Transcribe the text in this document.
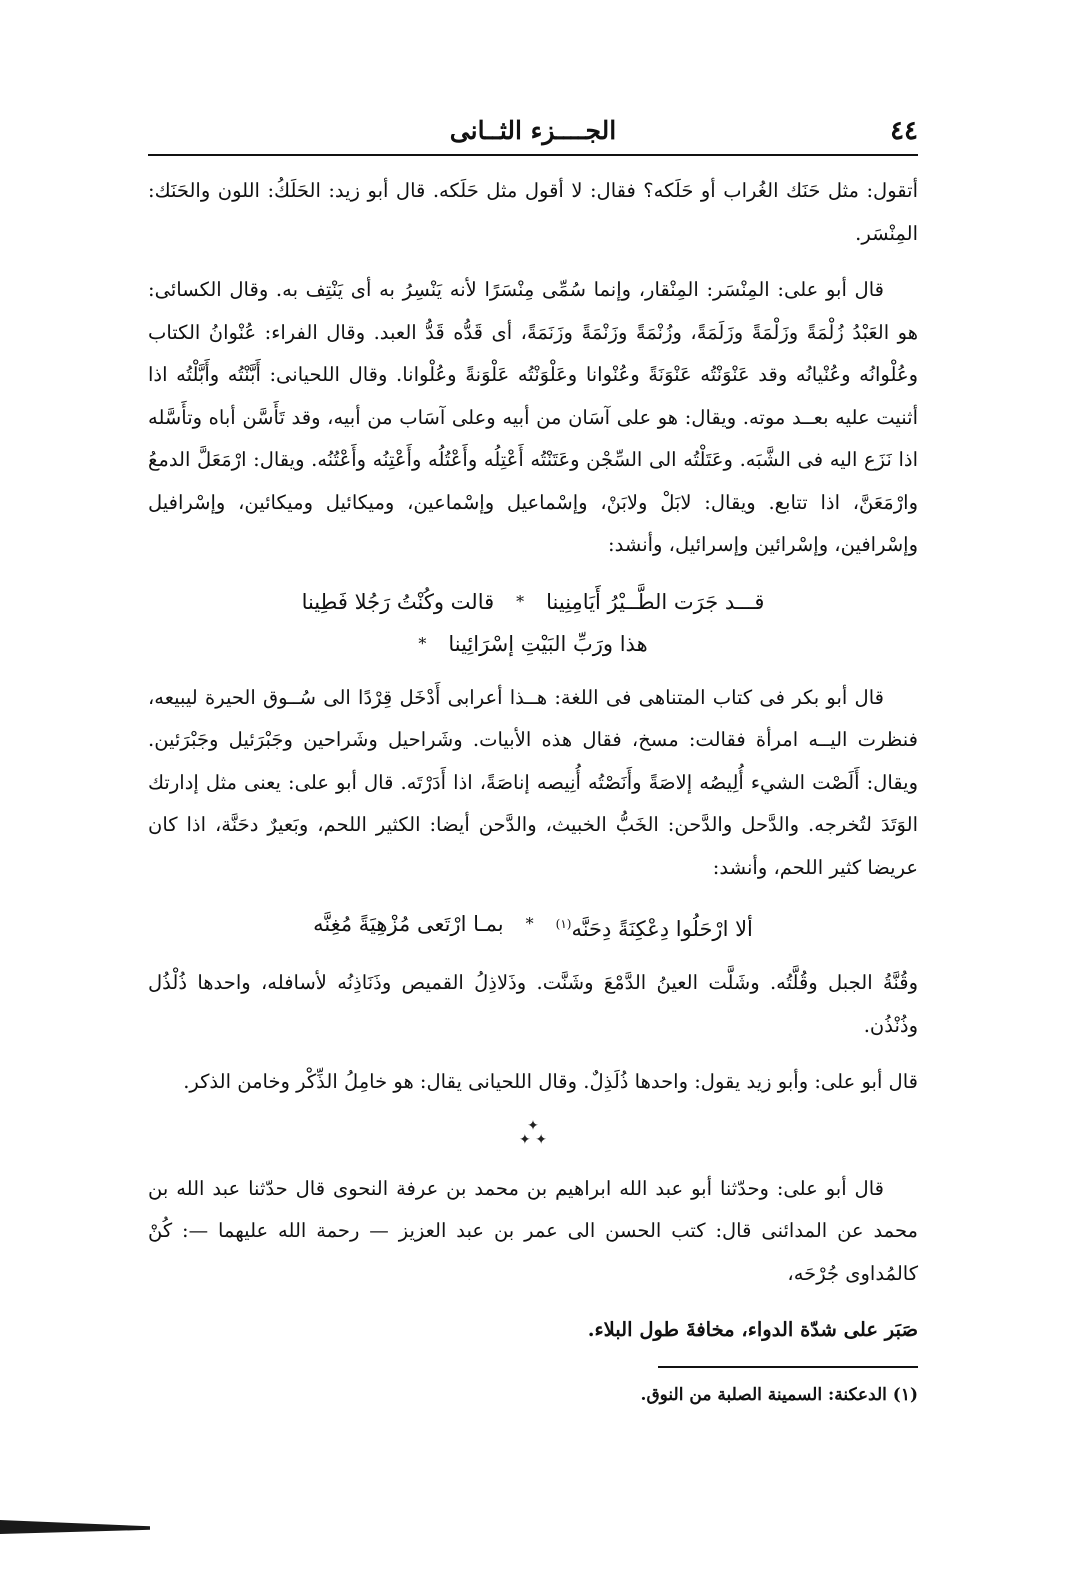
٤٤
الجــــزء الثــانى

أتقول: مثل حَنَك الغُراب أو حَلَكه؟ فقال: لا أقول مثل حَلَكه. قال أبو زيد: الحَلَكُ: اللون والحَنَك: المِنْسَر.

قال أبو على: المِنْسَر: المِنْقار، وإنما سُمِّى مِنْسَرًا لأنه يَنْسِرُ به أى يَنْتِف به. وقال الكسائى: هو العَبْدُ زُلْمَةً وزَلْمَةً وزَلَمَةً، وزُنْمَةً وزَنْمَةً وزَنَمَةً، أى قَدُّه قَدُّ العبد. وقال الفراء: عُنْوانُ الكتاب وعُلْوانُه وعُنْيانُه وقد عَنْوَنْتُه عَنْوَنَةً وعُنْوانا وعَلْوَنْتُه عَلْوَنةً وعُلْوانا. وقال اللحيانى: أَبَّنْتُه وأَبَّلْتُه اذا أثنيت عليه بعــد موته. ويقال: هو على آسَان من أبيه وعلى آسَاب من أبيه، وقد تَأَسَّن أباه وتأَسَّله اذا نَزَع اليه فى الشَّبَه. وعَتَلْتُه الى السِّجْن وعَتَنْتُه أَعْتِلُه وأَعْتُلُه وأَعْتِنُه وأَعْتُنُه. ويقال: ارْمَعَلَّ الدمعُ وارْمَعَنَّ، اذا تتابع. ويقال: لابَلْ ولابَنْ، وإسْماعيل وإسْماعين، وميكائيل وميكائين، وإسْرافيل وإسْرافين، وإسْرائين وإسرائيل، وأنشد:

قـــد جَرَت الطَّــيْرُ أَيَامِنِينا
*
قالت وكُنْتُ رَجُلا فَطِينا
هذا ورَبِّ البَيْتِ إسْرَائِينا
*

قال أبو بكر فى كتاب المتناهى فى اللغة: هــذا أعرابى أَدْخَل قِرْدًا الى سُــوق الحيرة ليبيعه، فنظرت اليــه امرأة فقالت: مسخ، فقال هذه الأبيات. وشَراحيل وشَراحين وجَبْرَئيل وجَبْرَئين. ويقال: أَلَصْت الشيء أُلِيصُه إلاصَةً وأَنَصْتُه أُنِيصه إناصَةً، اذا أَدَرْتَه. قال أبو على: يعنى مثل إدارتك الوَتَدَ لتُخرجه. والدَّحل والدَّحن: الخَبُّ الخبيث، والدَّحن أيضا: الكثير اللحم، وبَعيرٌ دحَنَّة، اذا كان عريضا كثير اللحم، وأنشد:

ألا ارْحَلُوا دِعْكِنَةً دِحَنَّه$^{(١)}$
*
بمـا ارْتَعى مُزْهِيَةً مُغِنَّه

وقُنَّةُ الجبل وقُلَّتُه. وشَلَّت العينُ الدَّمْعَ وشَنَّت. وذَلاذِلُ القميص وذَنَاذِنُه لأسافله، واحدها ذُلْذُل وذُنْذُن.

قال أبو على: وأبو زيد يقول: واحدها ذُلَذِلٌ. وقال اللحيانى يقال: هو خامِلُ الذِّكْر وخامن الذكر.

✦
✦ ✦

قال أبو على: وحدّثنا أبو عبد الله ابراهيم بن محمد بن عرفة النحوى قال حدّثنا عبد الله بن محمد عن المدائنى قال: كتب الحسن الى عمر بن عبد العزيز — رحمة الله عليهما —: كُنْ كالمُداوى جُرْحَه،

صَبَر على شدّة الدواء، مخافةَ طول البلاء.

(١) الدعكنة: السمينة الصلبة من النوق.
